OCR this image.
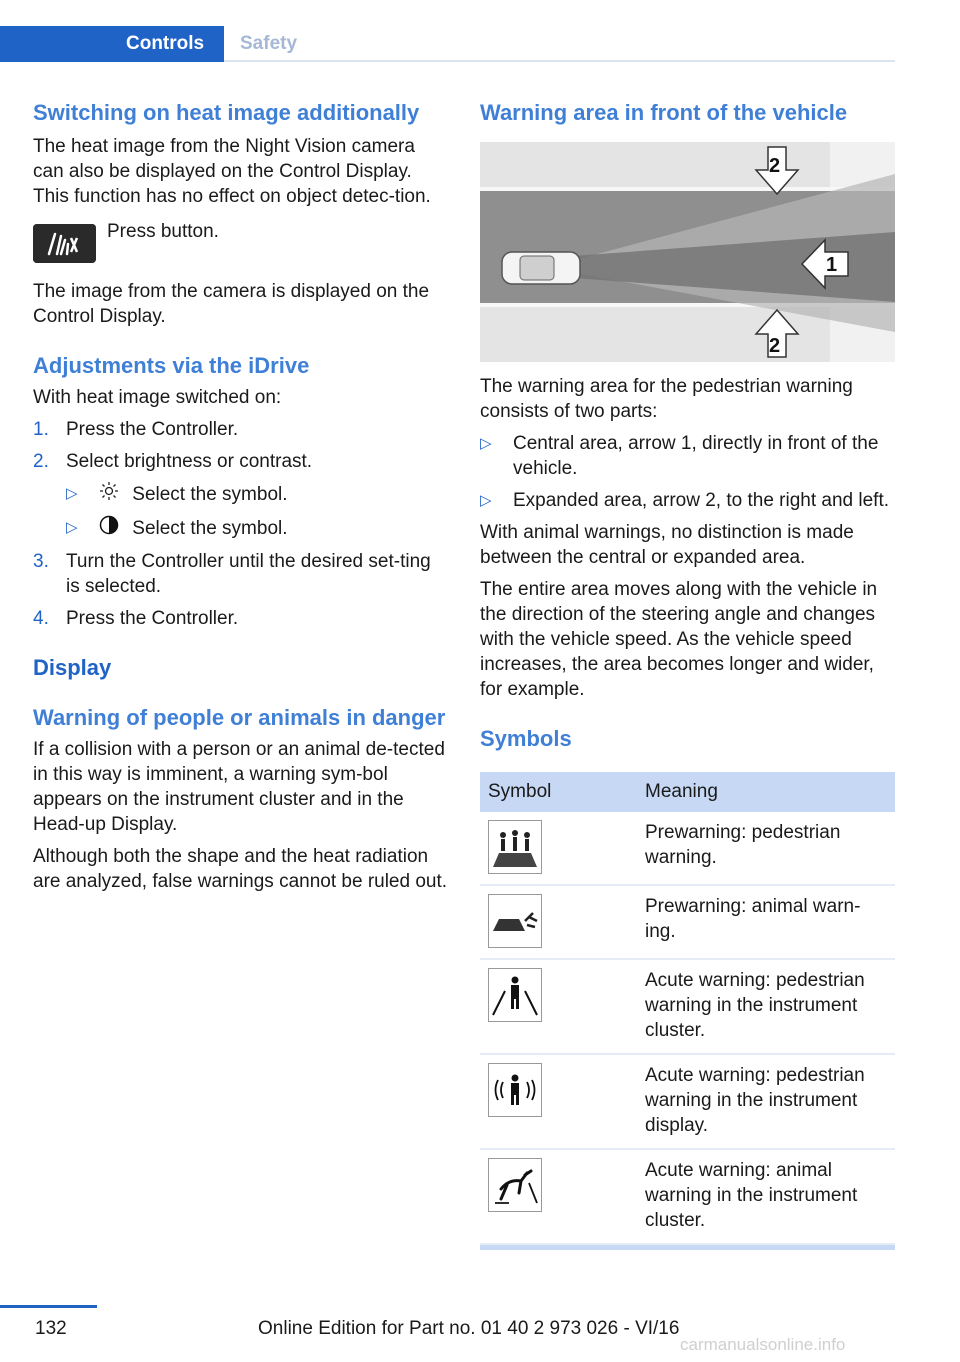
Controls	Safety
Switching on heat image additionally

The heat image from the Night Vision camera can also be displayed on the Control Display. This function has no effect on object detec-tion.

Press button.

The image from the camera is displayed on the Control Display.

Adjustments via the iDrive

With heat image switched on:

1. Press the Controller.
2. Select brightness or contrast.
▷	Select the symbol.
▷	Select the symbol.
3. Turn the Controller until the desired set-ting is selected.
4. Press the Controller.
Display
Warning of people or animals in danger

If a collision with a person or an animal de-tected in this way is imminent, a warning sym-bol appears on the instrument cluster and in the Head-up Display.

Although both the shape and the heat radiation are analyzed, false warnings cannot be ruled out.

Warning area in front of the vehicle
1
2
2

The warning area for the pedestrian warning consists of two parts:

▷ Central area, arrow 1, directly in front of the vehicle.
▷ Expanded area, arrow 2, to the right and left.

With animal warnings, no distinction is made between the central or expanded area.

The entire area moves along with the vehicle in the direction of the steering angle and changes with the vehicle speed. As the vehicle speed increases, the area becomes longer and wider, for example.

Symbols
Symbol	Meaning

	Prewarning: pedestrian warning.

	Prewarning: animal warn-ing.

	Acute warning: pedestrian warning in the instrument cluster.

	Acute warning: pedestrian warning in the instrument display.

	Acute warning: animal warning in the instrument cluster.
132	Online Edition for Part no. 01 40 2 973 026 - VI/16
carmanualsonline.info
